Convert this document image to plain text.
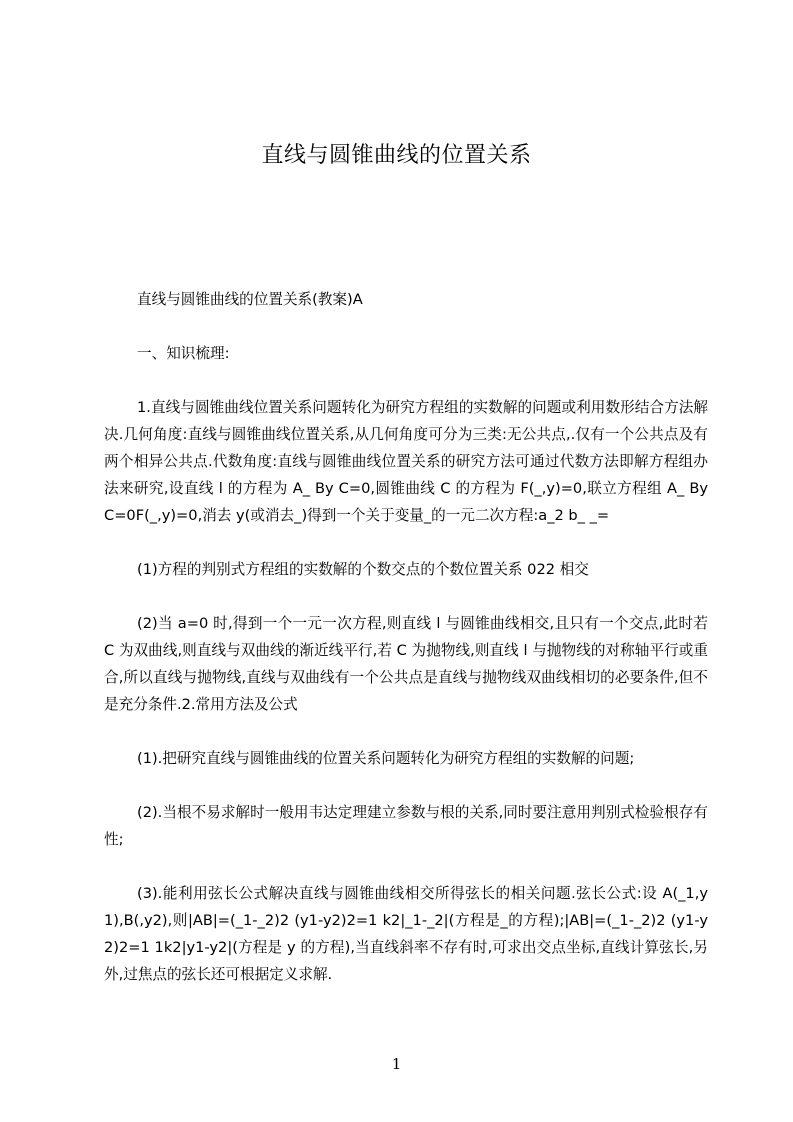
直线与圆锥曲线的位置关系

直线与圆锥曲线的位置关系(教案)A

一、知识梳理:

1.直线与圆锥曲线位置关系问题转化为研究方程组的实数解的问题或利用数形结合方法解决.几何角度:直线与圆锥曲线位置关系,从几何角度可分为三类:无公共点,.仅有一个公共点及有两个相异公共点.代数角度:直线与圆锥曲线位置关系的研究方法可通过代数方法即解方程组办法来研究,设直线 l 的方程为 A_ By C=0,圆锥曲线 C 的方程为 F(_,y)=0,联立方程组 A_ By C=0F(_,y)=0,消去 y(或消去_)得到一个关于变量_的一元二次方程:a_2 b_ _=

(1)方程的判别式方程组的实数解的个数交点的个数位置关系 022 相交

(2)当 a=0 时,得到一个一元一次方程,则直线 l 与圆锥曲线相交,且只有一个交点,此时若 C 为双曲线,则直线与双曲线的渐近线平行,若 C 为抛物线,则直线 l 与抛物线的对称轴平行或重合,所以直线与抛物线,直线与双曲线有一个公共点是直线与抛物线双曲线相切的必要条件,但不是充分条件.2.常用方法及公式

(1).把研究直线与圆锥曲线的位置关系问题转化为研究方程组的实数解的问题;

(2).当根不易求解时一般用韦达定理建立参数与根的关系,同时要注意用判别式检验根存有性;

(3).能利用弦长公式解决直线与圆锥曲线相交所得弦长的相关问题.弦长公式:设 A(_1,y1),B(,y2),则|AB|=(_1-_2)2 (y1-y2)2=1 k2|_1-_2|(方程是_的方程);|AB|=(_1-_2)2 (y1-y2)2=1 1k2|y1-y2|(方程是 y 的方程),当直线斜率不存有时,可求出交点坐标,直线计算弦长,另外,过焦点的弦长还可根据定义求解.

1
